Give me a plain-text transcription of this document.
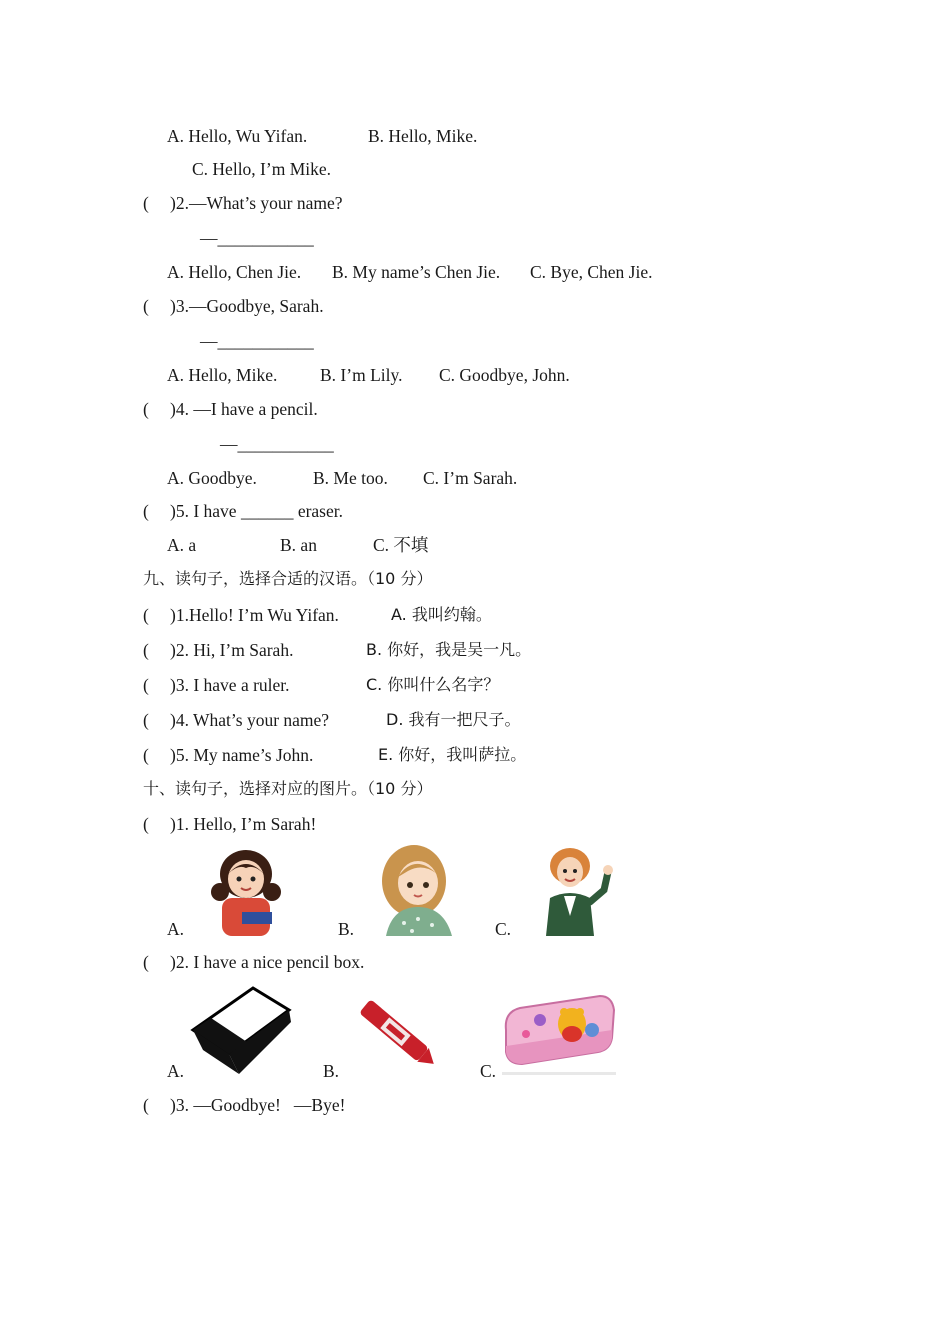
A. Hello, Wu Yifan.	B. Hello, Mike.
C. Hello, I’m Mike.
( )2.—What’s your name?
—___________
A. Hello, Chen Jie. B. My name’s Chen Jie. C. Bye, Chen Jie.
( )3.—Goodbye, Sarah.
—___________
A. Hello, Mike. B. I’m Lily. C. Goodbye, John.
( )4. —I have a pencil.
—___________
A. Goodbye.	B. Me too. C. I’m Sarah.
( )5. I have ______ eraser.
A. a	B. an	C. 不填
九、读句子，选择合适的汉语。（10 分）
( )1.Hello! I’m Wu Yifan.	A. 我叫约翰。
( )2. Hi, I’m Sarah.	B. 你好，我是吴一凡。
( )3. I have a ruler.	C. 你叫什么名字？
( )4. What’s your name?	D. 我有一把尺子。
( )5. My name’s John.	E. 你好，我叫萨拉。
十、读句子，选择对应的图片。（10 分）
( )1. Hello, I’m Sarah!
A.	B.	C.
( )2. I have a nice pencil box.
A.	B.	C.
( )3. —Goodbye!   —Bye!
